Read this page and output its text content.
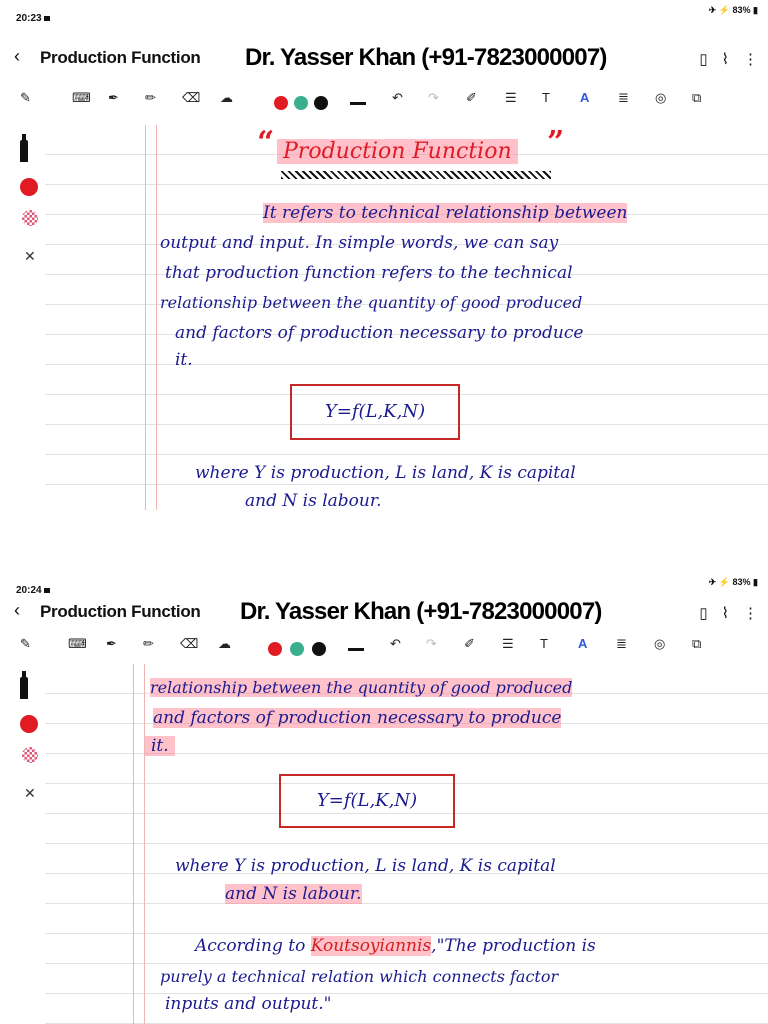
20:23
✈ ⚡ 83% ▮
‹ Production Function Dr. Yasser Khan (+91-7823000007)	▯ ⌇ ⋮
✎	⌨ ✒ ✏ ⌫ ☁	↶ ↷ ✐ ☰ T A ≣ ◎ ⧉
✕
“ Production Function ”
It refers to technical relationship between
output and input. In simple words, we can say
that production function refers to the technical
relationship between the quantity of good produced
and factors of production necessary to produce
it.
Y=f(L,K,N)
where Y is production, L is land, K is capital
and N is labour.
20:24
✈ ⚡ 83% ▮
‹ Production Function Dr. Yasser Khan (+91-7823000007)	▯ ⌇ ⋮
✎	⌨ ✒ ✏ ⌫ ☁	↶ ↷ ✐ ☰ T A ≣ ◎ ⧉
✕
relationship between the quantity of good produced
and factors of production necessary to produce
it.
Y=f(L,K,N)
where Y is production, L is land, K is capital
and N is labour.
According to Koutsoyiannis,"The production is
purely a technical relation which connects factor
inputs and output."
